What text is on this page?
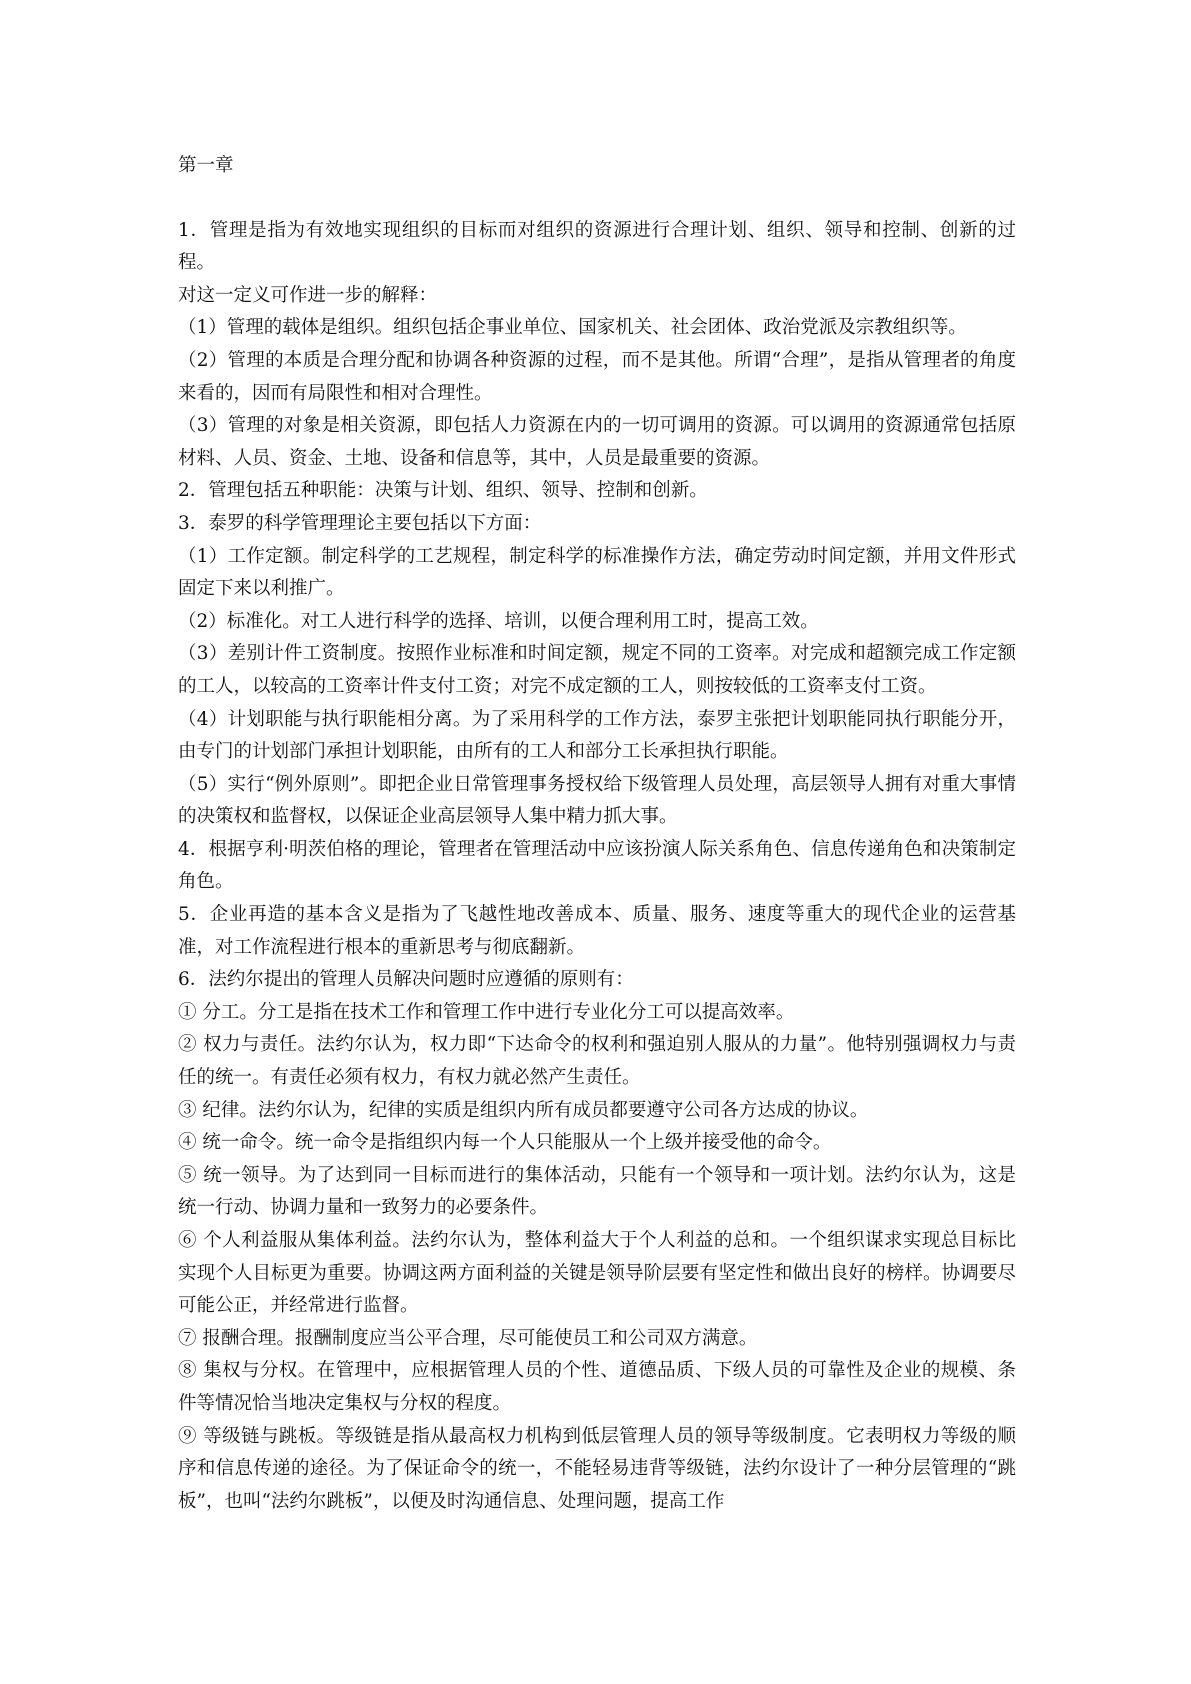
第一章

1．管理是指为有效地实现组织的目标而对组织的资源进行合理计划、组织、领导和控制、创新的过程。

对这一定义可作进一步的解释：

（1）管理的载体是组织。组织包括企事业单位、国家机关、社会团体、政治党派及宗教组织等。

（2）管理的本质是合理分配和协调各种资源的过程，而不是其他。所谓“合理”，是指从管理者的角度来看的，因而有局限性和相对合理性。

（3）管理的对象是相关资源，即包括人力资源在内的一切可调用的资源。可以调用的资源通常包括原材料、人员、资金、土地、设备和信息等，其中，人员是最重要的资源。

2．管理包括五种职能：决策与计划、组织、领导、控制和创新。

3．泰罗的科学管理理论主要包括以下方面：

（1）工作定额。制定科学的工艺规程，制定科学的标准操作方法，确定劳动时间定额，并用文件形式固定下来以利推广。

（2）标准化。对工人进行科学的选择、培训，以便合理利用工时，提高工效。

（3）差别计件工资制度。按照作业标准和时间定额，规定不同的工资率。对完成和超额完成工作定额的工人，以较高的工资率计件支付工资；对完不成定额的工人，则按较低的工资率支付工资。

（4）计划职能与执行职能相分离。为了采用科学的工作方法，泰罗主张把计划职能同执行职能分开，由专门的计划部门承担计划职能，由所有的工人和部分工长承担执行职能。

（5）实行“例外原则”。即把企业日常管理事务授权给下级管理人员处理，高层领导人拥有对重大事情的决策权和监督权，以保证企业高层领导人集中精力抓大事。

4．根据亨利·明茨伯格的理论，管理者在管理活动中应该扮演人际关系角色、信息传递角色和决策制定角色。

5．企业再造的基本含义是指为了飞越性地改善成本、质量、服务、速度等重大的现代企业的运营基准，对工作流程进行根本的重新思考与彻底翻新。

6．法约尔提出的管理人员解决问题时应遵循的原则有：

① 分工。分工是指在技术工作和管理工作中进行专业化分工可以提高效率。

② 权力与责任。法约尔认为，权力即“下达命令的权利和强迫别人服从的力量”。他特别强调权力与责任的统一。有责任必须有权力，有权力就必然产生责任。

③ 纪律。法约尔认为，纪律的实质是组织内所有成员都要遵守公司各方达成的协议。

④ 统一命令。统一命令是指组织内每一个人只能服从一个上级并接受他的命令。

⑤ 统一领导。为了达到同一目标而进行的集体活动，只能有一个领导和一项计划。法约尔认为，这是统一行动、协调力量和一致努力的必要条件。

⑥ 个人利益服从集体利益。法约尔认为，整体利益大于个人利益的总和。一个组织谋求实现总目标比实现个人目标更为重要。协调这两方面利益的关键是领导阶层要有坚定性和做出良好的榜样。协调要尽可能公正，并经常进行监督。

⑦ 报酬合理。报酬制度应当公平合理，尽可能使员工和公司双方满意。

⑧ 集权与分权。在管理中，应根据管理人员的个性、道德品质、下级人员的可靠性及企业的规模、条件等情况恰当地决定集权与分权的程度。

⑨ 等级链与跳板。等级链是指从最高权力机构到低层管理人员的领导等级制度。它表明权力等级的顺序和信息传递的途径。为了保证命令的统一，不能轻易违背等级链，法约尔设计了一种分层管理的“跳板”，也叫“法约尔跳板”，以便及时沟通信息、处理问题，提高工作
